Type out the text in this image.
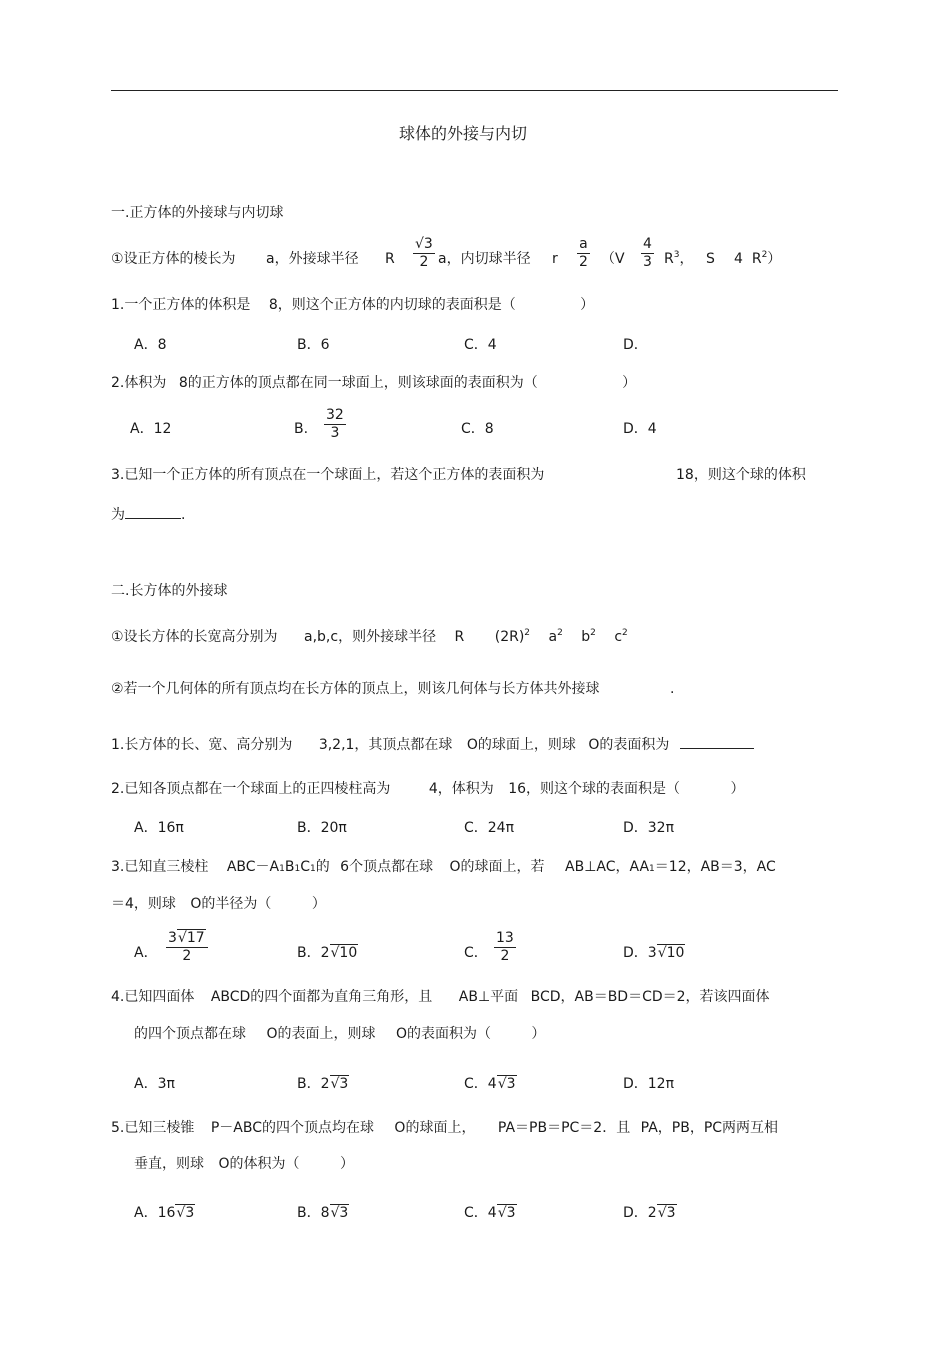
球体的外接与内切
一.正方体的外接球与内切球
①设正方体的棱长为 a，外接球半径 R $\frac{√3}{2}$ a，内切球半径 r $\frac{a}{2} (V \frac{4}{3} R^3$， S 4 $R^2$）
1.一个正方体的体积是 8，则这个正方体的内切球的表面积是（	）
A．8	B．6	C．4	D．
2.体积为 8的正方体的顶点都在同一球面上，则该球面的表面积为（	）
A．12	B. $\frac{32}{3}$	C．8	D．4
3.已知一个正方体的所有顶点在一个球面上，若这个正方体的表面积为	18，则这个球的体积
为	.
二.长方体的外接球
①设长方体的长宽高分别为 a,b,c，则外接球半径 R $(2R)^2$ $a^2$ $b^2$ $c^2$
②若一个几何体的所有顶点均在长方体的顶点上，则该几何体与长方体共外接球	.
1.长方体的长、宽、高分别为 3,2,1，其顶点都在球 O的球面上，则球 O的表面积为
2.已知各顶点都在一个球面上的正四棱柱高为	4，体积为 16，则这个球的表面积是（	）
A．16π	B．20π	C．24π	D．32π
3.已知直三棱柱 ABC－A1B1C1的 6个顶点都在球 O的球面上，若 AB⊥AC，AA1＝12，AB＝3，AC
＝4，则球 O的半径为（	）
A． $\frac{3√17}{2}$	B．2√10	C． $\frac{13}{2}$	D．3√10
4.已知四面体 ABCD的四个面都为直角三角形，且 AB⊥平面 BCD，AB＝BD＝CD＝2，若该四面体
的四个顶点都在球 O的表面上，则球 O的表面积为（	）
A．3π	B．2√3	C．4√3	D．12π
5.已知三棱锥 P－ABC的四个顶点均在球 O的球面上， PA＝PB＝PC＝2．且 PA，PB，PC两两互相
垂直，则球 O的体积为（	）
A．16√3	B．8√3	C．4√3	D．2√3
